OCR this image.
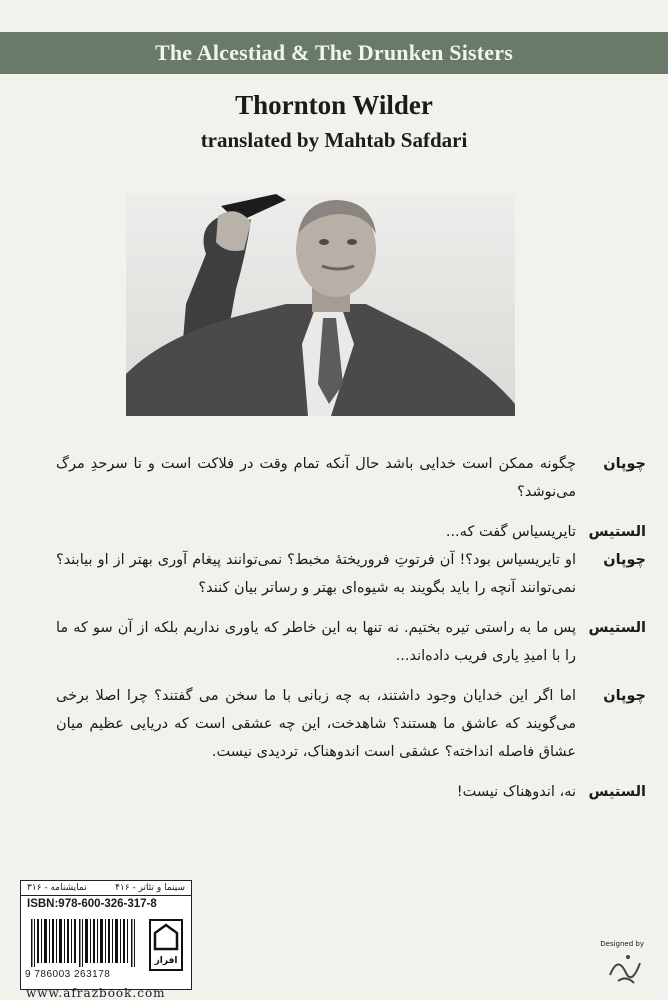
The Alcestiad & The Drunken Sisters
Thornton Wilder
translated by Mahtab Safdari
چوپان
چگونه ممکن است خدایی باشد حال آنکه تمام وقت در فلاکت است و تا سرحدِ مرگ می‌نوشد؟
الستیس
تایریسیاس گفت که...
چوپان
او تایریسیاس بود؟! آن فرتوتِ فروریختهٔ مخبط؟ نمی‌توانند پیغام آوری بهتر از او بیابند؟ نمی‌توانند آنچه را باید بگویند به شیوه‌ای بهتر و رساتر بیان کنند؟
الستیس
پس ما به راستی تیره بختیم. نه تنها به این خاطر که یاوری نداریم بلکه از آن سو که ما را با امیدِ یاری فریب داده‌اند...
چوپان
اما اگر این خدایان وجود داشتند، به چه زبانی با ما سخن می گفتند؟ چرا اصلا برخی می‌گویند که عاشق ما هستند؟ شاهدخت، این چه عشقی است که دریایی عظیم میان عشاق فاصله انداخته؟ عشقی است اندوهناک، تردیدی نیست.
الستیس
نه، اندوهناک نیست!
سینما و تئاتر - ۴۱۶
نمایشنامه - ۳۱۶
ISBN:978-600-326-317-8
9 786003 263178
افراز
www.afrazbook.com
Designed by
